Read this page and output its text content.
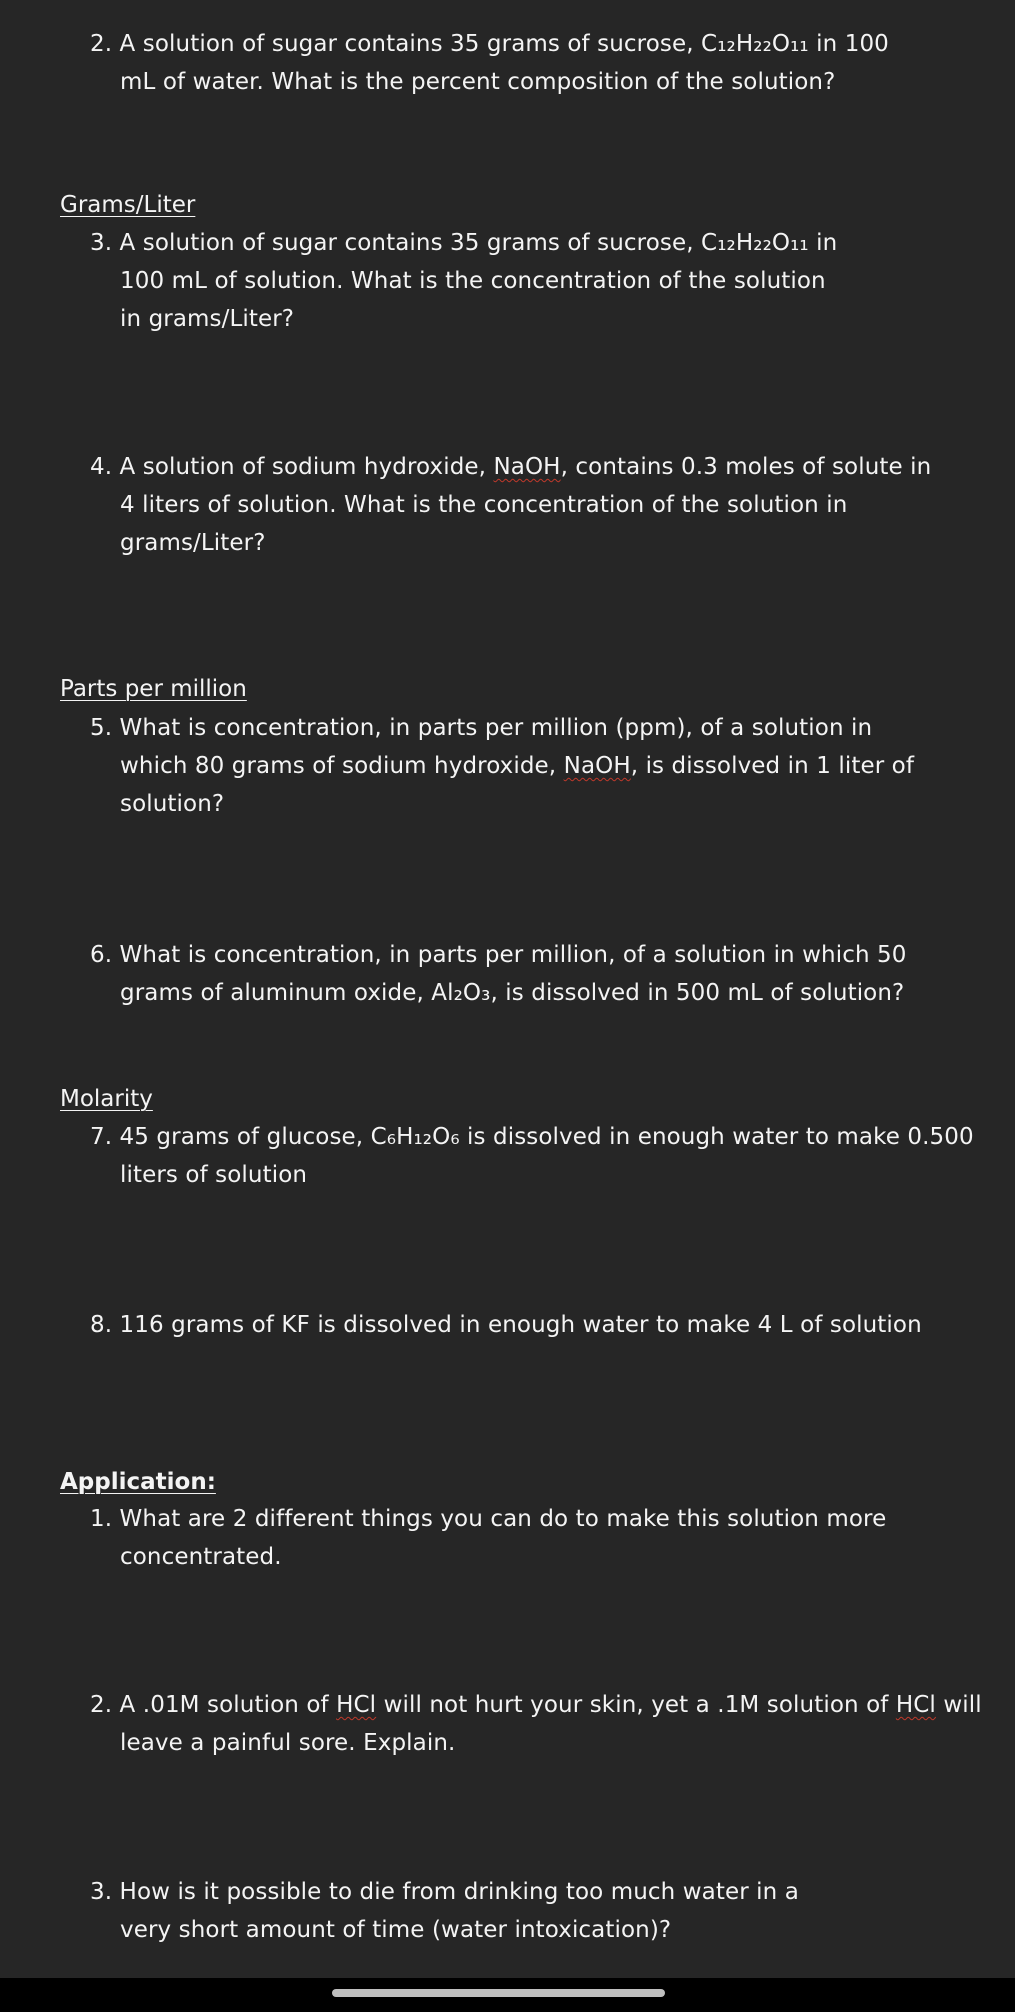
2. A solution of sugar contains 35 grams of sucrose, C₁₂H₂₂O₁₁ in 100
mL of water. What is the percent composition of the solution?
Grams/Liter
3. A solution of sugar contains 35 grams of sucrose, C₁₂H₂₂O₁₁ in
100 mL of solution. What is the concentration of the solution
in grams/Liter?
4. A solution of sodium hydroxide, NaOH, contains 0.3 moles of solute in
4 liters of solution. What is the concentration of the solution in
grams/Liter?
Parts per million
5. What is concentration, in parts per million (ppm), of a solution in
which 80 grams of sodium hydroxide, NaOH, is dissolved in 1 liter of
solution?
6. What is concentration, in parts per million, of a solution in which 50
grams of aluminum oxide, Al₂O₃, is dissolved in 500 mL of solution?
Molarity
7. 45 grams of glucose, C₆H₁₂O₆ is dissolved in enough water to make 0.500
liters of solution
8. 116 grams of KF is dissolved in enough water to make 4 L of solution
Application:
1. What are 2 different things you can do to make this solution more
concentrated.
2. A .01M solution of HCl will not hurt your skin, yet a .1M solution of HCl will
leave a painful sore. Explain.
3. How is it possible to die from drinking too much water in a
very short amount of time (water intoxication)?
